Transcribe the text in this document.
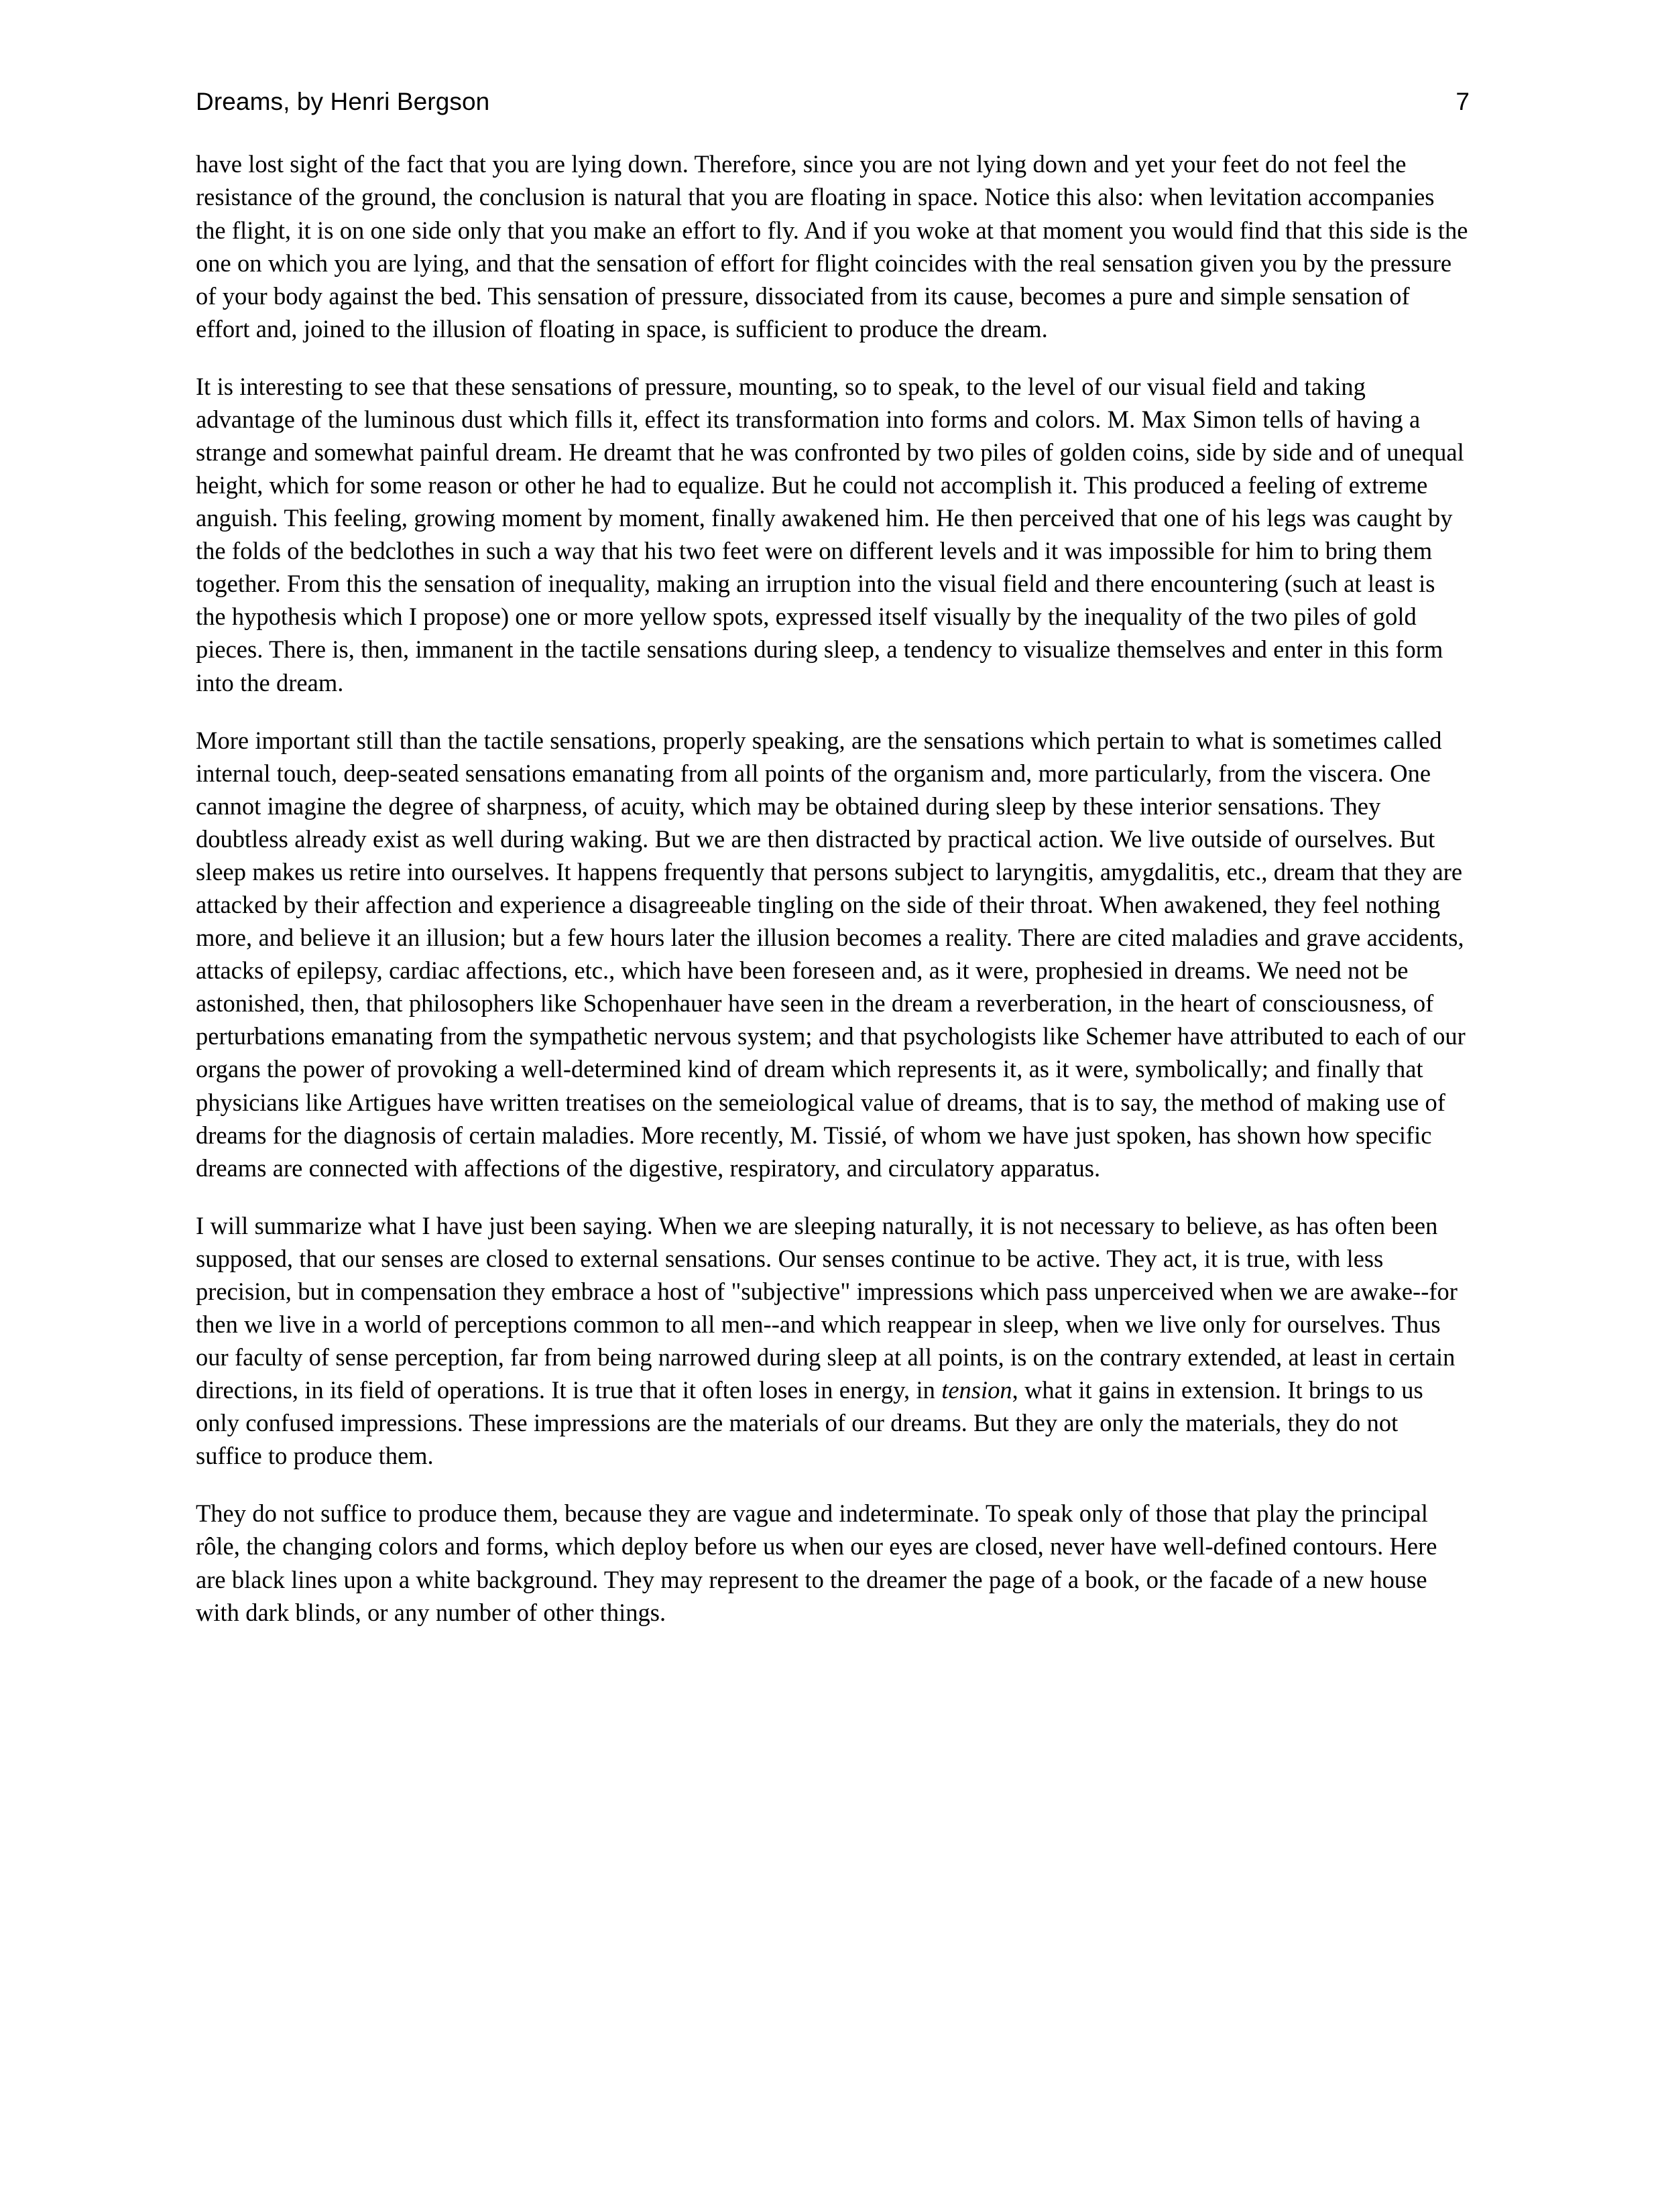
Dreams, by Henri Bergson	7

have lost sight of the fact that you are lying down. Therefore, since you are not lying down and yet your feet do not feel the resistance of the ground, the conclusion is natural that you are floating in space. Notice this also: when levitation accompanies the flight, it is on one side only that you make an effort to fly. And if you woke at that moment you would find that this side is the one on which you are lying, and that the sensation of effort for flight coincides with the real sensation given you by the pressure of your body against the bed. This sensation of pressure, dissociated from its cause, becomes a pure and simple sensation of effort and, joined to the illusion of floating in space, is sufficient to produce the dream.

It is interesting to see that these sensations of pressure, mounting, so to speak, to the level of our visual field and taking advantage of the luminous dust which fills it, effect its transformation into forms and colors. M. Max Simon tells of having a strange and somewhat painful dream. He dreamt that he was confronted by two piles of golden coins, side by side and of unequal height, which for some reason or other he had to equalize. But he could not accomplish it. This produced a feeling of extreme anguish. This feeling, growing moment by moment, finally awakened him. He then perceived that one of his legs was caught by the folds of the bedclothes in such a way that his two feet were on different levels and it was impossible for him to bring them together. From this the sensation of inequality, making an irruption into the visual field and there encountering (such at least is the hypothesis which I propose) one or more yellow spots, expressed itself visually by the inequality of the two piles of gold pieces. There is, then, immanent in the tactile sensations during sleep, a tendency to visualize themselves and enter in this form into the dream.

More important still than the tactile sensations, properly speaking, are the sensations which pertain to what is sometimes called internal touch, deep-seated sensations emanating from all points of the organism and, more particularly, from the viscera. One cannot imagine the degree of sharpness, of acuity, which may be obtained during sleep by these interior sensations. They doubtless already exist as well during waking. But we are then distracted by practical action. We live outside of ourselves. But sleep makes us retire into ourselves. It happens frequently that persons subject to laryngitis, amygdalitis, etc., dream that they are attacked by their affection and experience a disagreeable tingling on the side of their throat. When awakened, they feel nothing more, and believe it an illusion; but a few hours later the illusion becomes a reality. There are cited maladies and grave accidents, attacks of epilepsy, cardiac affections, etc., which have been foreseen and, as it were, prophesied in dreams. We need not be astonished, then, that philosophers like Schopenhauer have seen in the dream a reverberation, in the heart of consciousness, of perturbations emanating from the sympathetic nervous system; and that psychologists like Schemer have attributed to each of our organs the power of provoking a well-determined kind of dream which represents it, as it were, symbolically; and finally that physicians like Artigues have written treatises on the semeiological value of dreams, that is to say, the method of making use of dreams for the diagnosis of certain maladies. More recently, M. Tissié, of whom we have just spoken, has shown how specific dreams are connected with affections of the digestive, respiratory, and circulatory apparatus.

I will summarize what I have just been saying. When we are sleeping naturally, it is not necessary to believe, as has often been supposed, that our senses are closed to external sensations. Our senses continue to be active. They act, it is true, with less precision, but in compensation they embrace a host of "subjective" impressions which pass unperceived when we are awake--for then we live in a world of perceptions common to all men--and which reappear in sleep, when we live only for ourselves. Thus our faculty of sense perception, far from being narrowed during sleep at all points, is on the contrary extended, at least in certain directions, in its field of operations. It is true that it often loses in energy, in tension, what it gains in extension. It brings to us only confused impressions. These impressions are the materials of our dreams. But they are only the materials, they do not suffice to produce them.

They do not suffice to produce them, because they are vague and indeterminate. To speak only of those that play the principal rôle, the changing colors and forms, which deploy before us when our eyes are closed, never have well-defined contours. Here are black lines upon a white background. They may represent to the dreamer the page of a book, or the facade of a new house with dark blinds, or any number of other things.
